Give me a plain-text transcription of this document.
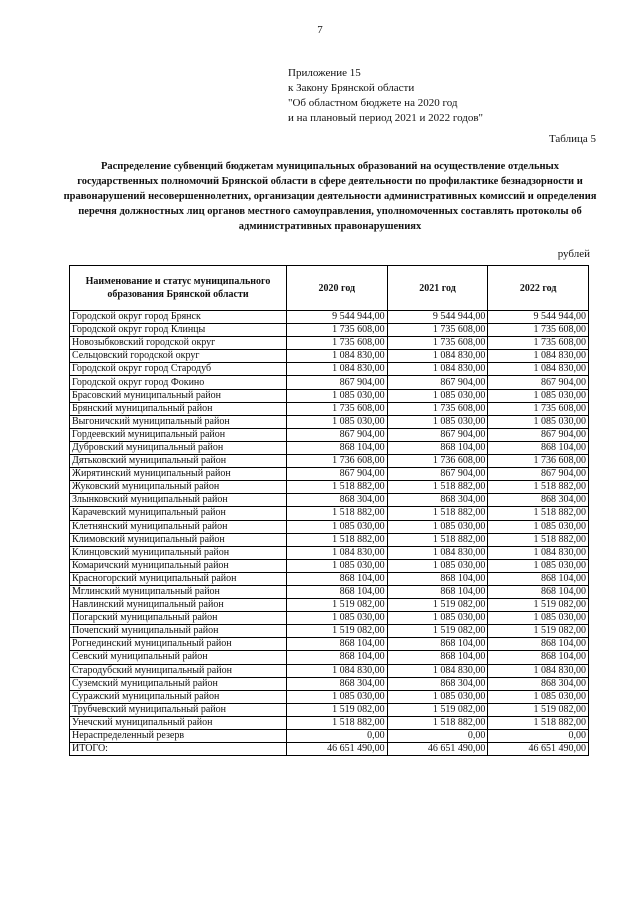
7
Приложение 15
к Закону Брянской области
"Об областном бюджете на 2020 год
и на плановый период 2021 и 2022 годов"
Таблица 5
Распределение субвенций бюджетам муниципальных образований на осуществление отдельных государственных полномочий Брянской области в сфере деятельности по профилактике безнадзорности и правонарушений несовершеннолетних, организации деятельности административных комиссий и определения перечня должностных лиц органов местного самоуправления, уполномоченных составлять протоколы об административных правонарушениях
рублей
Наименование и статус муниципального образования Брянской области	2020 год	2021 год	2022 год
Городской округ город Брянск	9 544 944,00	9 544 944,00	9 544 944,00
Городской округ город Клинцы	1 735 608,00	1 735 608,00	1 735 608,00
Новозыбковский городской округ	1 735 608,00	1 735 608,00	1 735 608,00
Сельцовский городской округ	1 084 830,00	1 084 830,00	1 084 830,00
Городской округ город Стародуб	1 084 830,00	1 084 830,00	1 084 830,00
Городской округ город Фокино	867 904,00	867 904,00	867 904,00
Брасовский муниципальный район	1 085 030,00	1 085 030,00	1 085 030,00
Брянский муниципальный район	1 735 608,00	1 735 608,00	1 735 608,00
Выгоничский муниципальный район	1 085 030,00	1 085 030,00	1 085 030,00
Гордеевский муниципальный район	867 904,00	867 904,00	867 904,00
Дубровский муниципальный район	868 104,00	868 104,00	868 104,00
Дятьковский муниципальный район	1 736 608,00	1 736 608,00	1 736 608,00
Жирятинский муниципальный район	867 904,00	867 904,00	867 904,00
Жуковский муниципальный район	1 518 882,00	1 518 882,00	1 518 882,00
Злынковский муниципальный район	868 304,00	868 304,00	868 304,00
Карачевский муниципальный район	1 518 882,00	1 518 882,00	1 518 882,00
Клетнянский муниципальный район	1 085 030,00	1 085 030,00	1 085 030,00
Климовский муниципальный район	1 518 882,00	1 518 882,00	1 518 882,00
Клинцовский муниципальный район	1 084 830,00	1 084 830,00	1 084 830,00
Комаричский муниципальный район	1 085 030,00	1 085 030,00	1 085 030,00
Красногорский муниципальный район	868 104,00	868 104,00	868 104,00
Мглинский муниципальный район	868 104,00	868 104,00	868 104,00
Навлинский муниципальный район	1 519 082,00	1 519 082,00	1 519 082,00
Погарский муниципальный район	1 085 030,00	1 085 030,00	1 085 030,00
Почепский муниципальный район	1 519 082,00	1 519 082,00	1 519 082,00
Рогнединский муниципальный район	868 104,00	868 104,00	868 104,00
Севский муниципальный район	868 104,00	868 104,00	868 104,00
Стародубский муниципальный район	1 084 830,00	1 084 830,00	1 084 830,00
Суземский муниципальный район	868 304,00	868 304,00	868 304,00
Суражский муниципальный район	1 085 030,00	1 085 030,00	1 085 030,00
Трубчевский муниципальный район	1 519 082,00	1 519 082,00	1 519 082,00
Унечский муниципальный район	1 518 882,00	1 518 882,00	1 518 882,00
Нераспределенный резерв	0,00	0,00	0,00
ИТОГО:	46 651 490,00	46 651 490,00	46 651 490,00
